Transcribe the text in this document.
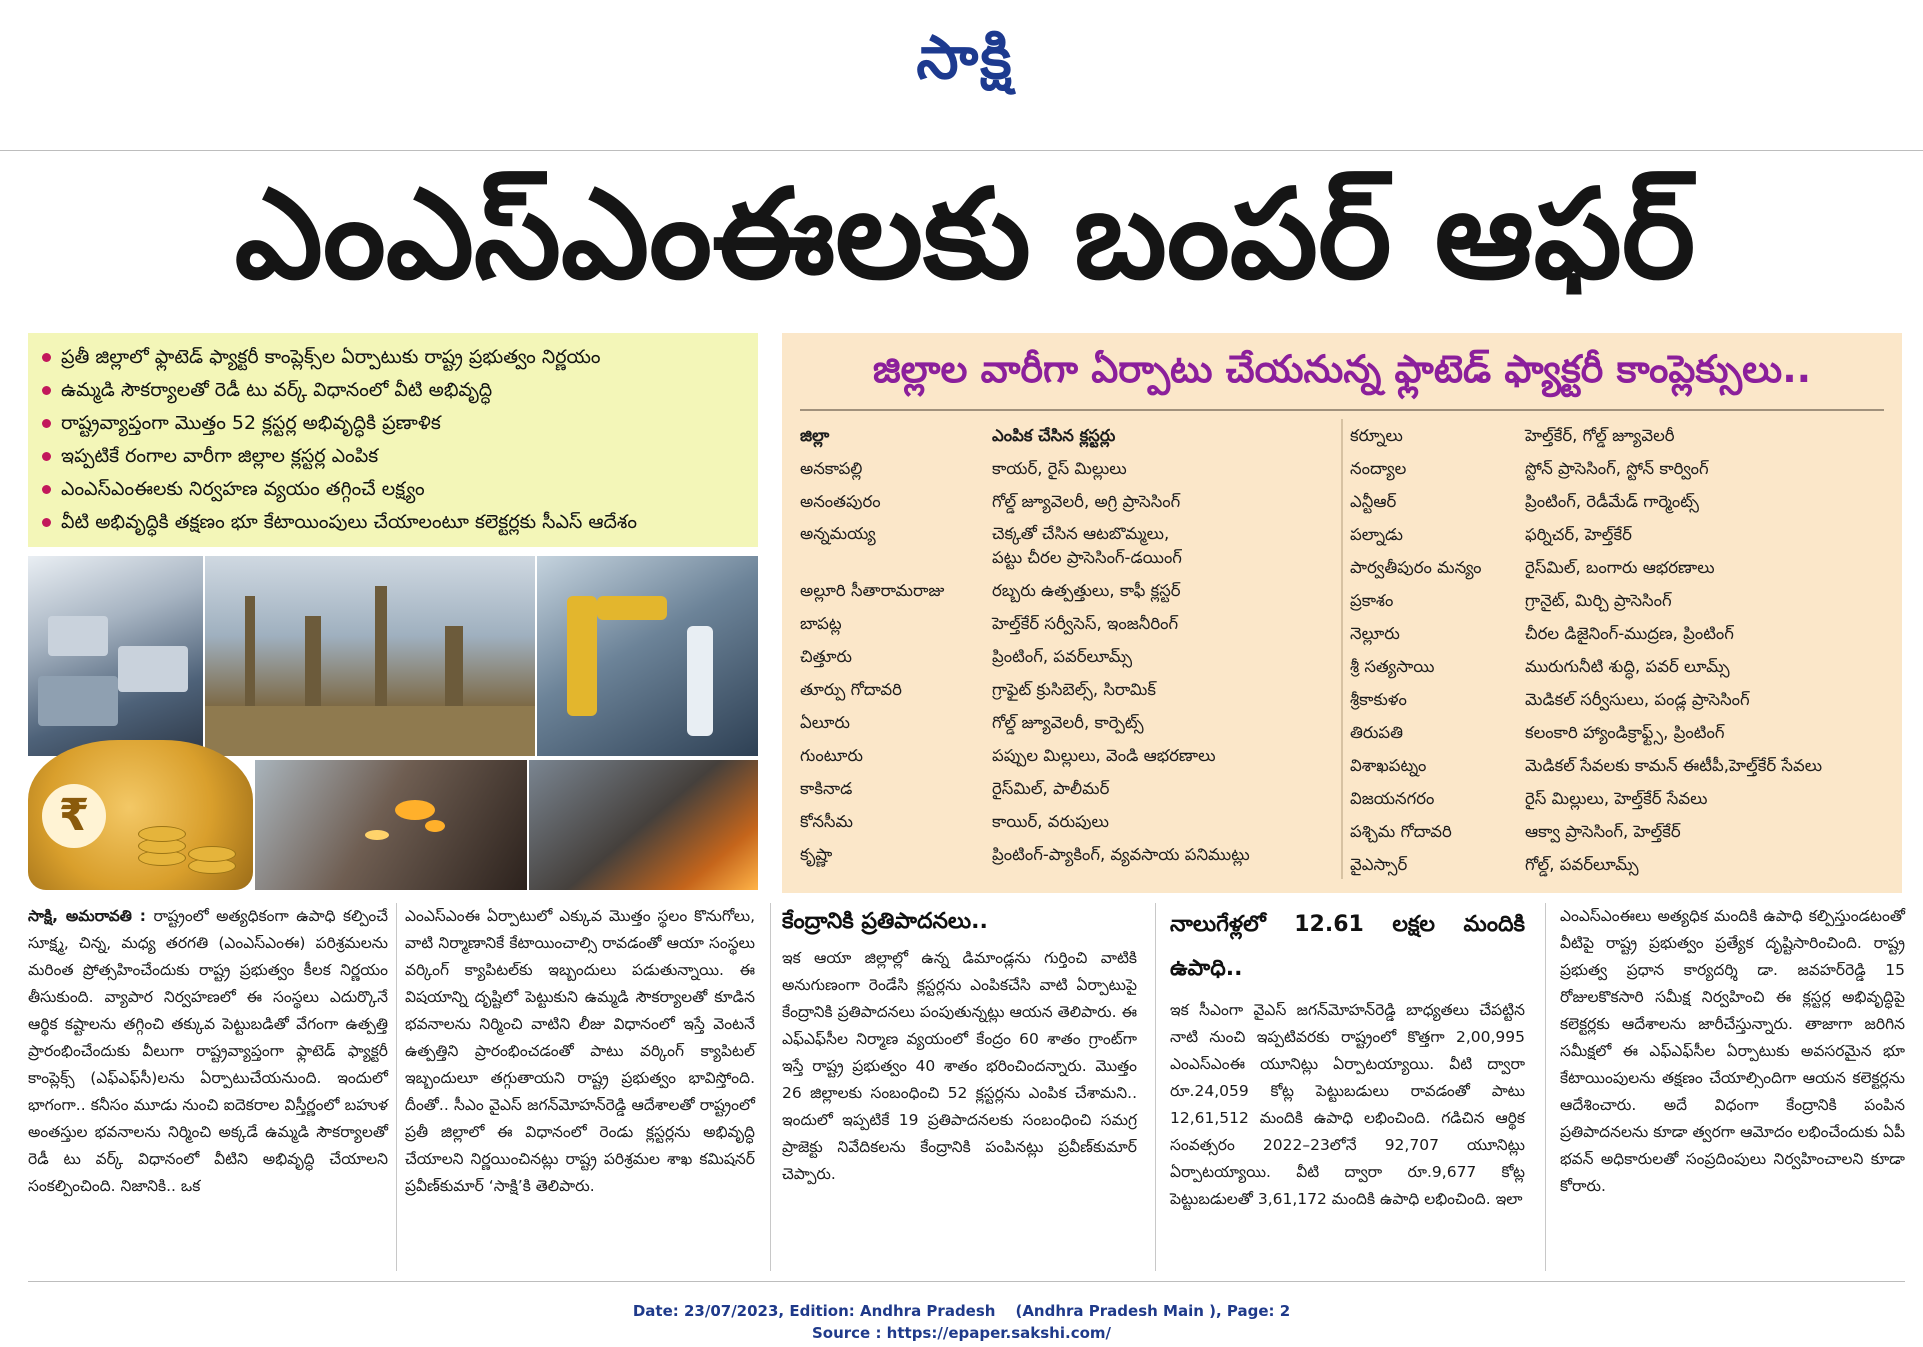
సాక్షి
ఎంఎస్‌ఎంఈలకు బంపర్ ఆఫర్
ప్రతీ జిల్లాలో ఫ్లాటెడ్ ఫ్యాక్టరీ కాంప్లెక్స్‌ల ఏర్పాటుకు రాష్ట్ర ప్రభుత్వం నిర్ణయం
ఉమ్మడి సౌకర్యాలతో రెడీ టు వర్క్ విధానంలో వీటి అభివృద్ధి
రాష్ట్రవ్యాప్తంగా మొత్తం 52 క్లస్టర్ల అభివృద్ధికి ప్రణాళిక
ఇప్పటికే రంగాల వారీగా జిల్లాల క్లస్టర్ల ఎంపిక
ఎంఎస్‌ఎంఈలకు నిర్వహణ వ్యయం తగ్గించే లక్ష్యం
వీటి అభివృద్ధికి తక్షణం భూ కేటాయింపులు చేయాలంటూ కలెక్టర్లకు సీఎస్ ఆదేశం
₹
జిల్లాల వారీగా ఏర్పాటు చేయనున్న ఫ్లాటెడ్ ఫ్యాక్టరీ కాంప్లెక్సులు..
జిల్లా	ఎంపిక చేసిన క్లస్టర్లు
అనకాపల్లి	కాయర్, రైస్ మిల్లులు
అనంతపురం	గోల్డ్ జ్యూవెలరీ, అగ్రి ప్రాసెసింగ్
అన్నమయ్య	చెక్కతో చేసిన ఆటబొమ్మలు,
పట్టు చీరల ప్రాసెసింగ్-డయింగ్
అల్లూరి సీతారామరాజు	రబ్బరు ఉత్పత్తులు, కాఫీ క్లస్టర్
బాపట్ల	హెల్త్‌కేర్ సర్వీసెస్, ఇంజనీరింగ్
చిత్తూరు	ప్రింటింగ్, పవర్‌లూమ్స్
తూర్పు గోదావరి	గ్రాఫైట్ క్రుసిబెల్స్, సిరామిక్
ఏలూరు	గోల్డ్ జ్యూవెలరీ, కార్పెట్స్
గుంటూరు	పప్పుల మిల్లులు, వెండి ఆభరణాలు
కాకినాడ	రైస్‌మిల్, పాలీమర్
కోనసీమ	కాయిర్, వరుపులు
కృష్ణా	ప్రింటింగ్-ప్యాకింగ్, వ్యవసాయ పనిముట్లు
కర్నూలు	హెల్త్‌కేర్, గోల్డ్ జ్యూవెలరీ
నంద్యాల	స్టోన్ ప్రాసెసింగ్, స్టోన్ కార్వింగ్
ఎన్టీఆర్	ప్రింటింగ్, రెడీమేడ్ గార్మెంట్స్
పల్నాడు	ఫర్నిచర్, హెల్త్‌కేర్
పార్వతీపురం మన్యం	రైస్‌మిల్, బంగారు ఆభరణాలు
ప్రకాశం	గ్రానైట్, మిర్చి ప్రాసెసింగ్
నెల్లూరు	చీరల డిజైనింగ్-ముద్రణ, ప్రింటింగ్
శ్రీ సత్యసాయి	మురుగునీటి శుద్ధి, పవర్ లూమ్స్
శ్రీకాకుళం	మెడికల్ సర్వీసులు, పండ్ల ప్రాసెసింగ్
తిరుపతి	కలంకారి హ్యాండిక్రాఫ్ట్స్, ప్రింటింగ్
విశాఖపట్నం	మెడికల్ సేవలకు కామన్ ఈటీపీ,హెల్త్‌కేర్ సేవలు
విజయనగరం	రైస్ మిల్లులు, హెల్త్‌కేర్ సేవలు
పశ్చిమ గోదావరి	ఆక్వా ప్రాసెసింగ్, హెల్త్‌కేర్
వైఎస్సార్	గోల్డ్, పవర్‌లూమ్స్

సాక్షి, అమరావతి : రాష్ట్రంలో అత్యధికంగా ఉపాధి కల్పించే సూక్ష్మ, చిన్న, మధ్య తరగతి (ఎంఎస్ఎంఈ) పరిశ్రమలను మరింత ప్రోత్సహించేందుకు రాష్ట్ర ప్రభుత్వం కీలక నిర్ణయం తీసుకుంది. వ్యాపార నిర్వహణలో ఈ సంస్థలు ఎదుర్కొనే ఆర్థిక కష్టాలను తగ్గించి తక్కువ పెట్టుబడితో వేగంగా ఉత్పత్తి ప్రారంభించేందుకు వీలుగా రాష్ట్రవ్యాప్తంగా ఫ్లాటెడ్ ఫ్యాక్టరీ కాంప్లెక్స్ (ఎఫ్ఎఫ్‌సీ)లను ఏర్పాటుచేయనుంది. ఇందులో భాగంగా.. కనీసం మూడు నుంచి ఐదెకరాల విస్తీర్ణంలో బహుళ అంతస్తుల భవనాలను నిర్మించి అక్కడే ఉమ్మడి సౌకర్యాలతో రెడీ టు వర్క్ విధానంలో వీటిని అభివృద్ధి చేయాలని సంకల్పించింది. నిజానికి.. ఒక

ఎంఎస్ఎంఈ ఏర్పాటులో ఎక్కువ మొత్తం స్థలం కొనుగోలు, వాటి నిర్మాణానికే కేటాయించాల్సి రావడంతో ఆయా సంస్థలు వర్కింగ్ క్యాపిటల్‌కు ఇబ్బందులు పడుతున్నాయి. ఈ విషయాన్ని దృష్టిలో పెట్టుకుని ఉమ్మడి సౌకర్యాలతో కూడిన భవనాలను నిర్మించి వాటిని లీజు విధానంలో ఇస్తే వెంటనే ఉత్పత్తిని ప్రారంభించడంతో పాటు వర్కింగ్ క్యాపిటల్ ఇబ్బందులూ తగ్గుతాయని రాష్ట్ర ప్రభుత్వం భావిస్తోంది. దీంతో.. సీఎం వైఎస్ జగన్‌మోహన్‌రెడ్డి ఆదేశాలతో రాష్ట్రంలో ప్రతీ జిల్లాలో ఈ విధానంలో రెండు క్లస్టర్లను అభివృద్ధి చేయాలని నిర్ణయించినట్లు రాష్ట్ర పరిశ్రమల శాఖ కమిషనర్ ప్రవీణ్‌కుమార్ ‘సాక్షి’కి తెలిపారు.

కేంద్రానికి ప్రతిపాదనలు..

ఇక ఆయా జిల్లాల్లో ఉన్న డిమాండ్లను గుర్తించి వాటికి అనుగుణంగా రెండేసి క్లస్టర్లను ఎంపికచేసి వాటి ఏర్పాటుపై కేంద్రానికి ప్రతిపాదనలు పంపుతున్నట్లు ఆయన తెలిపారు. ఈ ఎఫ్ఎఫ్‌సీల నిర్మాణ వ్యయంలో కేంద్రం 60 శాతం గ్రాంట్‌గా ఇస్తే రాష్ట్ర ప్రభుత్వం 40 శాతం భరించిందన్నారు. మొత్తం 26 జిల్లాలకు సంబంధించి 52 క్లస్టర్లను ఎంపిక చేశామని.. ఇందులో ఇప్పటికే 19 ప్రతిపాదనలకు సంబంధించి సమగ్ర ప్రాజెక్టు నివేదికలను కేంద్రానికి పంపినట్లు ప్రవీణ్‌కుమార్ చెప్పారు.

నాలుగేళ్లలో 12.61 లక్షల మందికి ఉపాధి..

ఇక సీఎంగా వైఎస్ జగన్‌మోహన్‌రెడ్డి బాధ్యతలు చేపట్టిన నాటి నుంచి ఇప్పటివరకు రాష్ట్రంలో కొత్తగా 2,00,995 ఎంఎస్ఎంఈ యూనిట్లు ఏర్పాటయ్యాయి. వీటి ద్వారా రూ.24,059 కోట్ల పెట్టుబడులు రావడంతో పాటు 12,61,512 మందికి ఉపాధి లభించింది. గడిచిన ఆర్థిక సంవత్సరం 2022–23లోనే 92,707 యూనిట్లు ఏర్పాటయ్యాయి. వీటి ద్వారా రూ.9,677 కోట్ల పెట్టుబడులతో 3,61,172 మందికి ఉపాధి లభించింది. ఇలా

ఎంఎస్ఎంఈలు అత్యధిక మందికి ఉపాధి కల్పిస్తుండటంతో వీటిపై రాష్ట్ర ప్రభుత్వం ప్రత్యేక దృష్టిసారించింది. రాష్ట్ర ప్రభుత్వ ప్రధాన కార్యదర్శి డా. జవహర్‌రెడ్డి 15 రోజులకొకసారి సమీక్ష నిర్వహించి ఈ క్లస్టర్ల అభివృద్ధిపై కలెక్టర్లకు ఆదేశాలను జారీచేస్తున్నారు. తాజాగా జరిగిన సమీక్షలో ఈ ఎఫ్ఎఫ్‌సీల ఏర్పాటుకు అవసరమైన భూ కేటాయింపులను తక్షణం చేయాల్సిందిగా ఆయన కలెక్టర్లను ఆదేశించారు. అదే విధంగా కేంద్రానికి పంపిన ప్రతిపాదనలను కూడా త్వరగా ఆమోదం లభించేందుకు ఏపీ భవన్ అధికారులతో సంప్రదింపులు నిర్వహించాలని కూడా కోరారు.

Date: 23/07/2023, Edition: Andhra Pradesh (Andhra Pradesh Main ), Page: 2
Source : https://epaper.sakshi.com/
